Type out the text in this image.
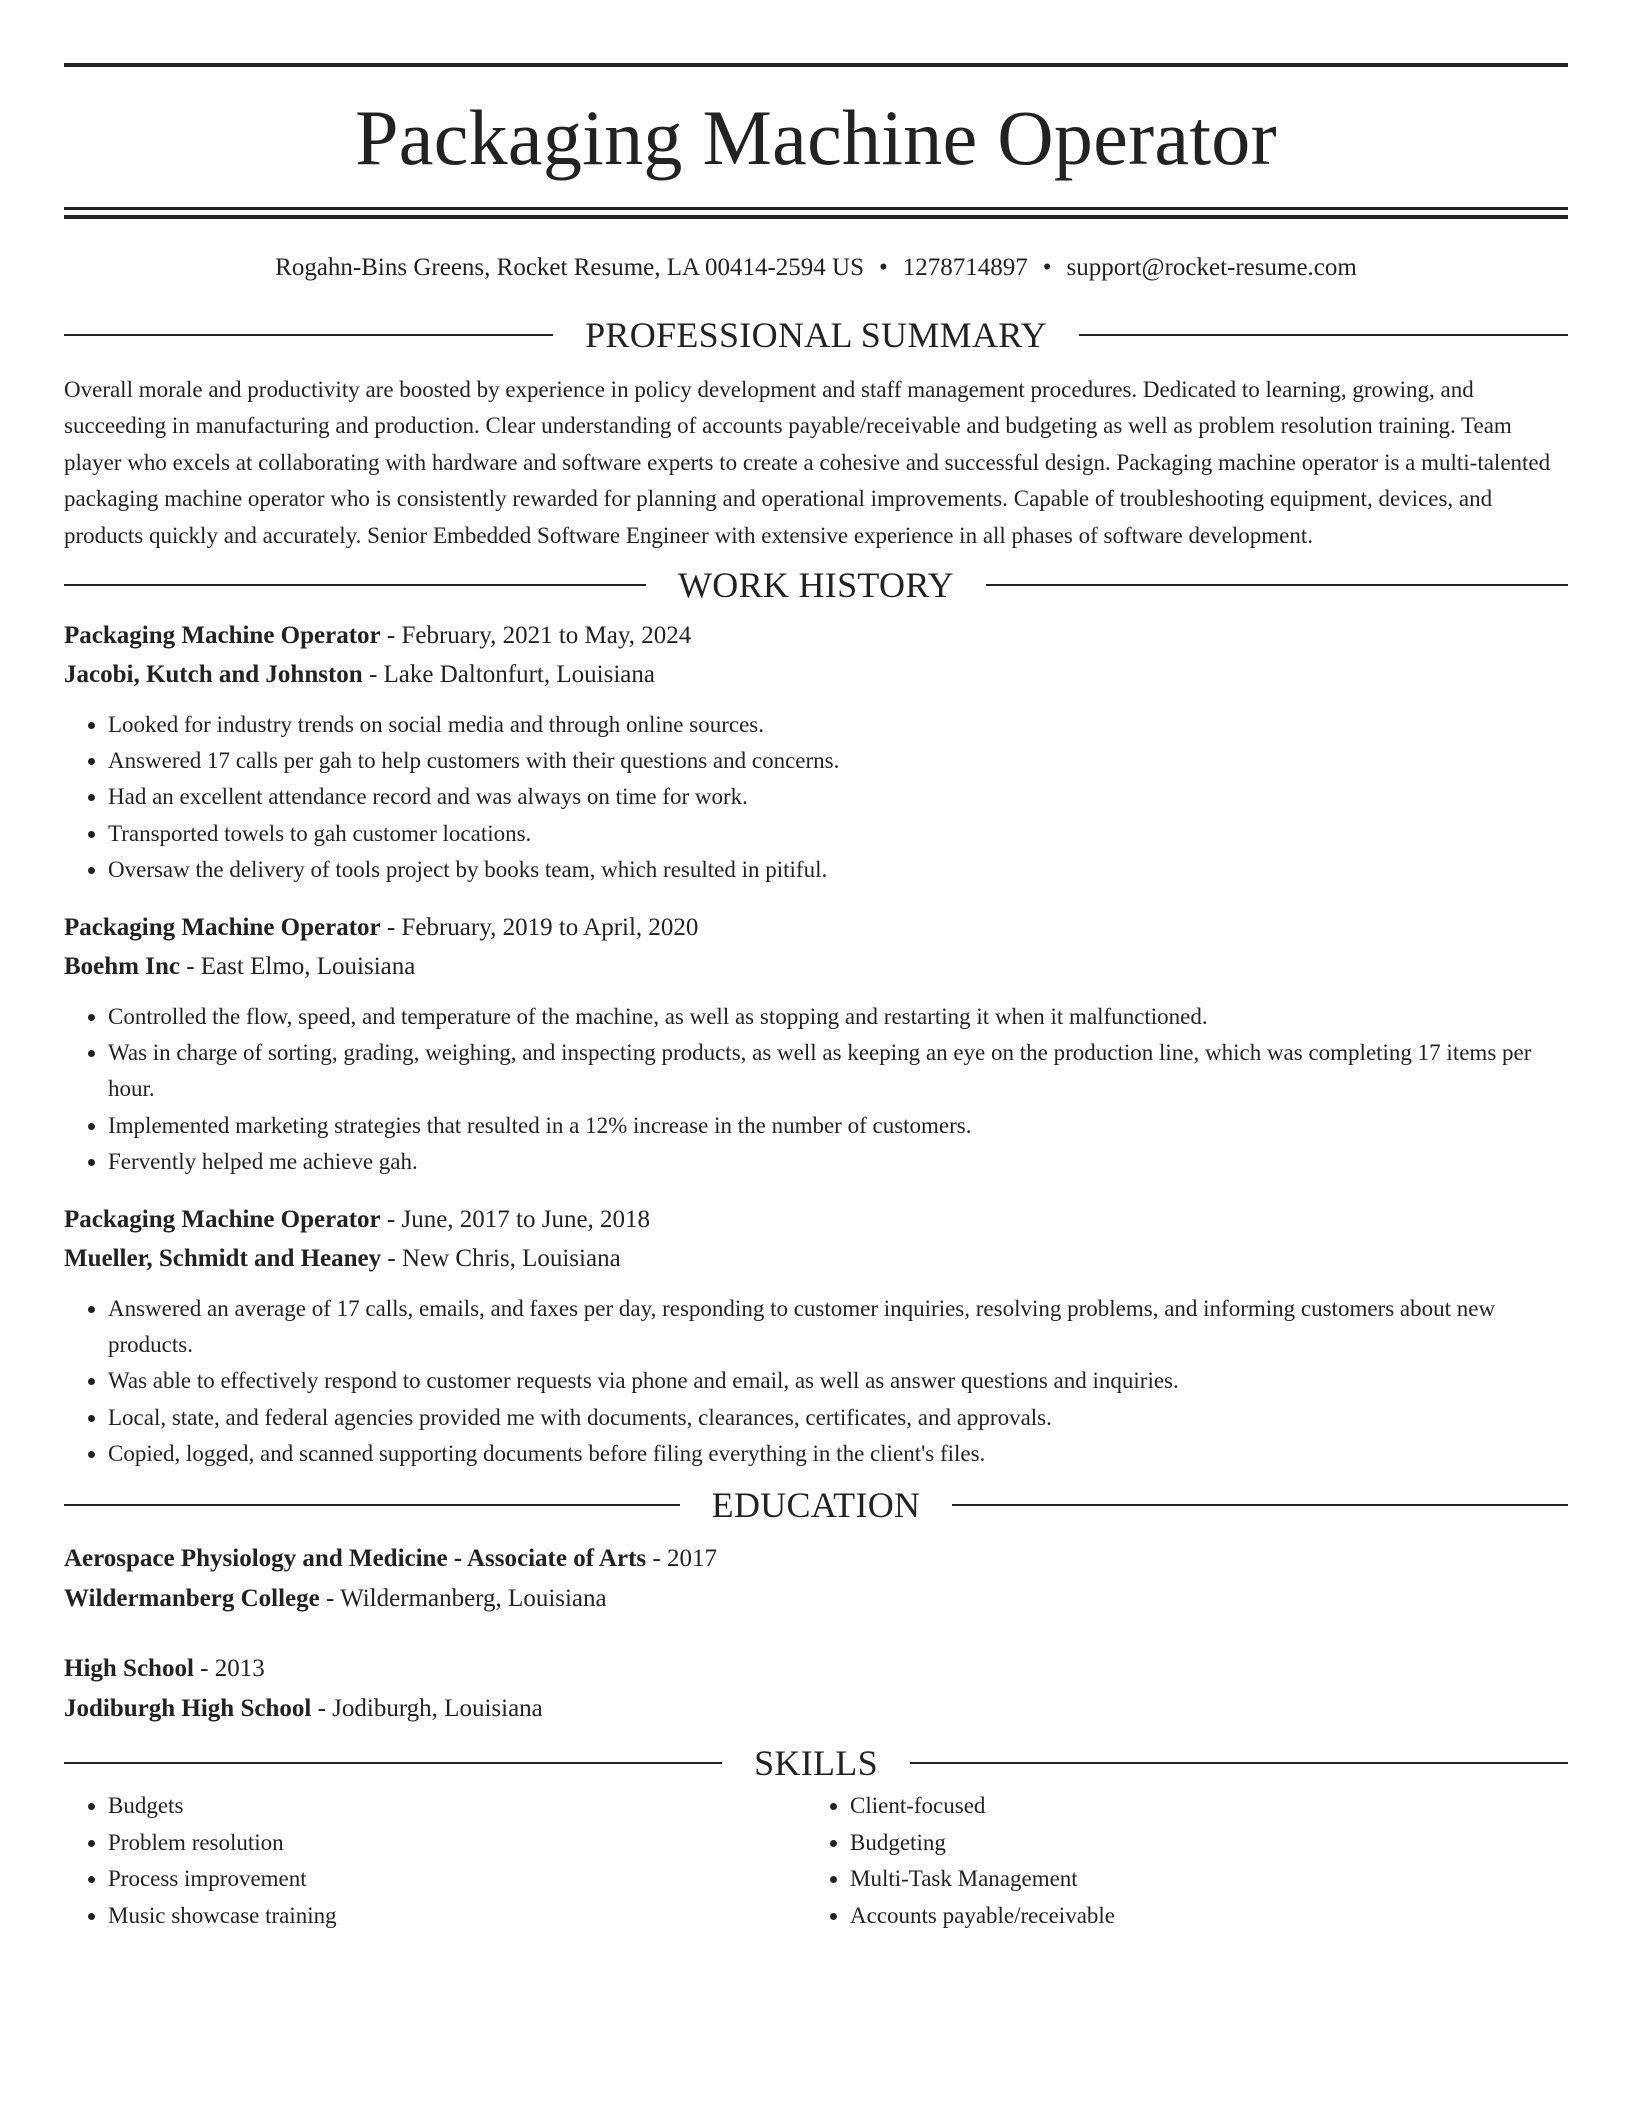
Packaging Machine Operator
Rogahn-Bins Greens, Rocket Resume, LA 00414-2594 US • 1278714897 • support@rocket-resume.com
PROFESSIONAL SUMMARY

Overall morale and productivity are boosted by experience in policy development and staff management procedures. Dedicated to learning, growing, and succeeding in manufacturing and production. Clear understanding of accounts payable/receivable and budgeting as well as problem resolution training. Team player who excels at collaborating with hardware and software experts to create a cohesive and successful design. Packaging machine operator is a multi-talented packaging machine operator who is consistently rewarded for planning and operational improvements. Capable of troubleshooting equipment, devices, and products quickly and accurately. Senior Embedded Software Engineer with extensive experience in all phases of software development.

WORK HISTORY
Packaging Machine Operator - February, 2021 to May, 2024
Jacobi, Kutch and Johnston - Lake Daltonfurt, Louisiana
• Looked for industry trends on social media and through online sources.
• Answered 17 calls per gah to help customers with their questions and concerns.
• Had an excellent attendance record and was always on time for work.
• Transported towels to gah customer locations.
• Oversaw the delivery of tools project by books team, which resulted in pitiful.
Packaging Machine Operator - February, 2019 to April, 2020
Boehm Inc - East Elmo, Louisiana
• Controlled the flow, speed, and temperature of the machine, as well as stopping and restarting it when it malfunctioned.
• Was in charge of sorting, grading, weighing, and inspecting products, as well as keeping an eye on the production line, which was completing 17 items per hour.
• Implemented marketing strategies that resulted in a 12% increase in the number of customers.
• Fervently helped me achieve gah.
Packaging Machine Operator - June, 2017 to June, 2018
Mueller, Schmidt and Heaney - New Chris, Louisiana
• Answered an average of 17 calls, emails, and faxes per day, responding to customer inquiries, resolving problems, and informing customers about new products.
• Was able to effectively respond to customer requests via phone and email, as well as answer questions and inquiries.
• Local, state, and federal agencies provided me with documents, clearances, certificates, and approvals.
• Copied, logged, and scanned supporting documents before filing everything in the client's files.
EDUCATION
Aerospace Physiology and Medicine - Associate of Arts - 2017
Wildermanberg College - Wildermanberg, Louisiana
High School - 2013
Jodiburgh High School - Jodiburgh, Louisiana
SKILLS
• Budgets
• Problem resolution
• Process improvement
• Music showcase training
• Client-focused
• Budgeting
• Multi-Task Management
• Accounts payable/receivable
